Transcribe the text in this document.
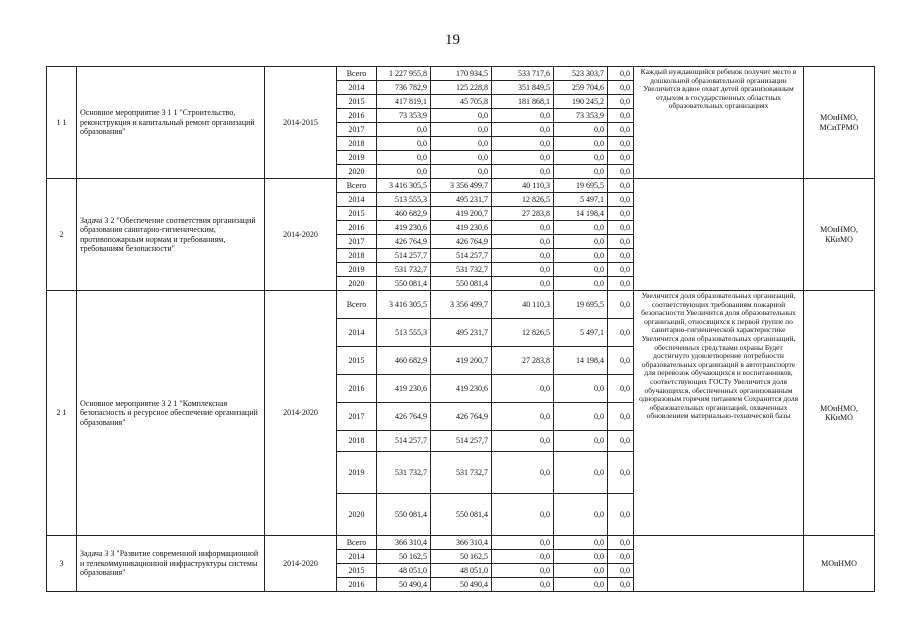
19
1 1	Основное мероприятие 3 1 1 "Строительство, реконструкция и капитальный ремонт организаций образования"	2014-2015	Всего	1 227 955,8	170 934,5	533 717,6	523 303,7	0,0	Каждый нуждающийся ребенок получит место в дошкольной образовательной организации Увеличится вдвое охват детей организованным отдыхом в государственных областных образовательных организациях	МОиНМО, МСиТРМО
			2014	736 782,9	125 228,8	351 849,5	259 704,6	0,0		
			2015	417 819,1	45 705,8	181 868,1	190 245,2	0,0		
			2016	73 353,9	0,0	0,0	73 353,9	0,0		
			2017	0,0	0,0	0,0	0,0	0,0		
			2018	0,0	0,0	0,0	0,0	0,0		
			2019	0,0	0,0	0,0	0,0	0,0		
			2020	0,0	0,0	0,0	0,0	0,0		
2	Задача 3 2 "Обеспечение соответствия организаций образования санитарно-гигиеническим, противопожарным нормам и требованиям, требованиям безопасности"	2014-2020	Всего	3 416 305,5	3 356 499,7	40 110,3	19 695,5	0,0		МОиНМО, ККиМО
			2014	513 555,3	495 231,7	12 826,5	5 497,1	0,0		
			2015	460 682,9	419 200,7	27 283,8	14 198,4	0,0		
			2016	419 230,6	419 230,6	0,0	0,0	0,0		
			2017	426 764,9	426 764,9	0,0	0,0	0,0		
			2018	514 257,7	514 257,7	0,0	0,0	0,0		
			2019	531 732,7	531 732,7	0,0	0,0	0,0		
			2020	550 081,4	550 081,4	0,0	0,0	0,0		
2 1	Основное мероприятие 3 2 1 "Комплексная безопасность и ресурсное обеспечение организаций образования"	2014-2020	Всего	3 416 305,5	3 356 499,7	40 110,3	19 695,5	0,0	Увеличится доля образовательных организаций, соответствующих требованиям пожарной безопасности Увеличится доля образовательных организаций, относящихся к первой группе по санитарно-гигиенической характеристике Увеличится доля образовательных организаций, обеспеченных средствами охраны Будет достигнуто удовлетворение потребности образовательных организаций в автотранспорте для перевозок обучающихся и воспитанников, соответствующих ГОСТу Увеличится доля обучающихся, обеспеченных организованным одноразовым горячим питанием Сохранится доля образовательных организаций, охваченных обновлением материально-технической базы	МОиНМО, ККиМО
			2014	513 555,3	495 231,7	12 826,5	5 497,1	0,0		
			2015	460 682,9	419 200,7	27 283,8	14 198,4	0,0		
			2016	419 230,6	419 230,6	0,0	0,0	0,0		
			2017	426 764,9	426 764,9	0,0	0,0	0,0		
			2018	514 257,7	514 257,7	0,0	0,0	0,0		
			2019	531 732,7	531 732,7	0,0	0,0	0,0		
			2020	550 081,4	550 081,4	0,0	0,0	0,0		
3	Задача 3 3 "Развитие современной информационной и телекоммуникационной инфраструктуры системы образования"	2014-2020	Всего	366 310,4	366 310,4	0,0	0,0	0,0		МОиНМО
			2014	50 162,5	50 162,5	0,0	0,0	0,0		
			2015	48 051,0	48 051,0	0,0	0,0	0,0		
			2016	50 490,4	50 490,4	0,0	0,0	0,0		
